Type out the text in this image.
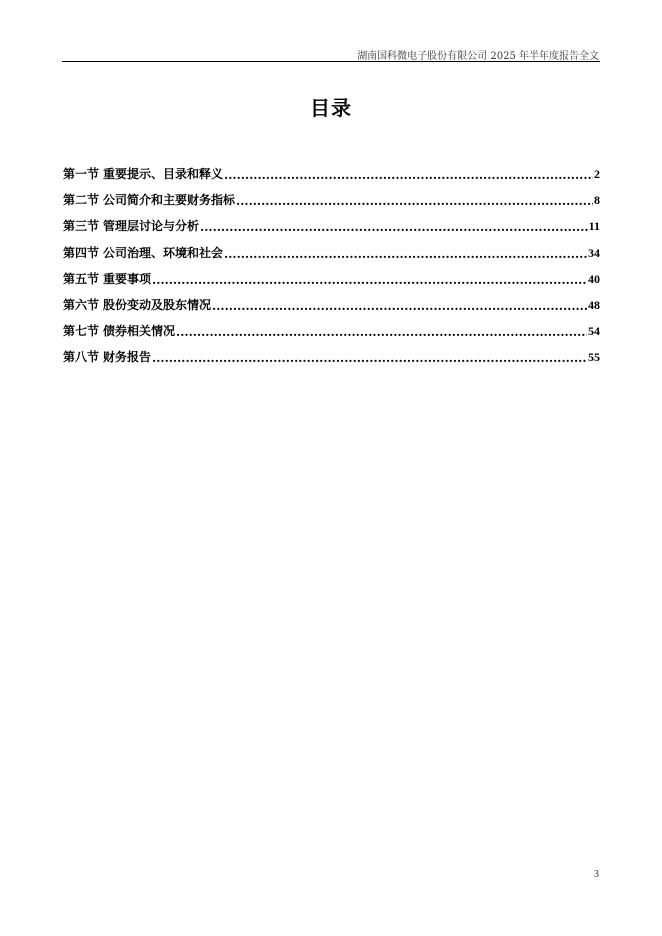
湖南国科微电子股份有限公司 2025 年半年度报告全文
目录
第一节 重要提示、目录和释义 .....	2
第二节 公司简介和主要财务指标 .....	8
第三节 管理层讨论与分析 .....	11
第四节 公司治理、环境和社会 .....	34
第五节 重要事项 .....	40
第六节 股份变动及股东情况 .....	48
第七节 债券相关情况 .....	54
第八节 财务报告 .....	55
3
